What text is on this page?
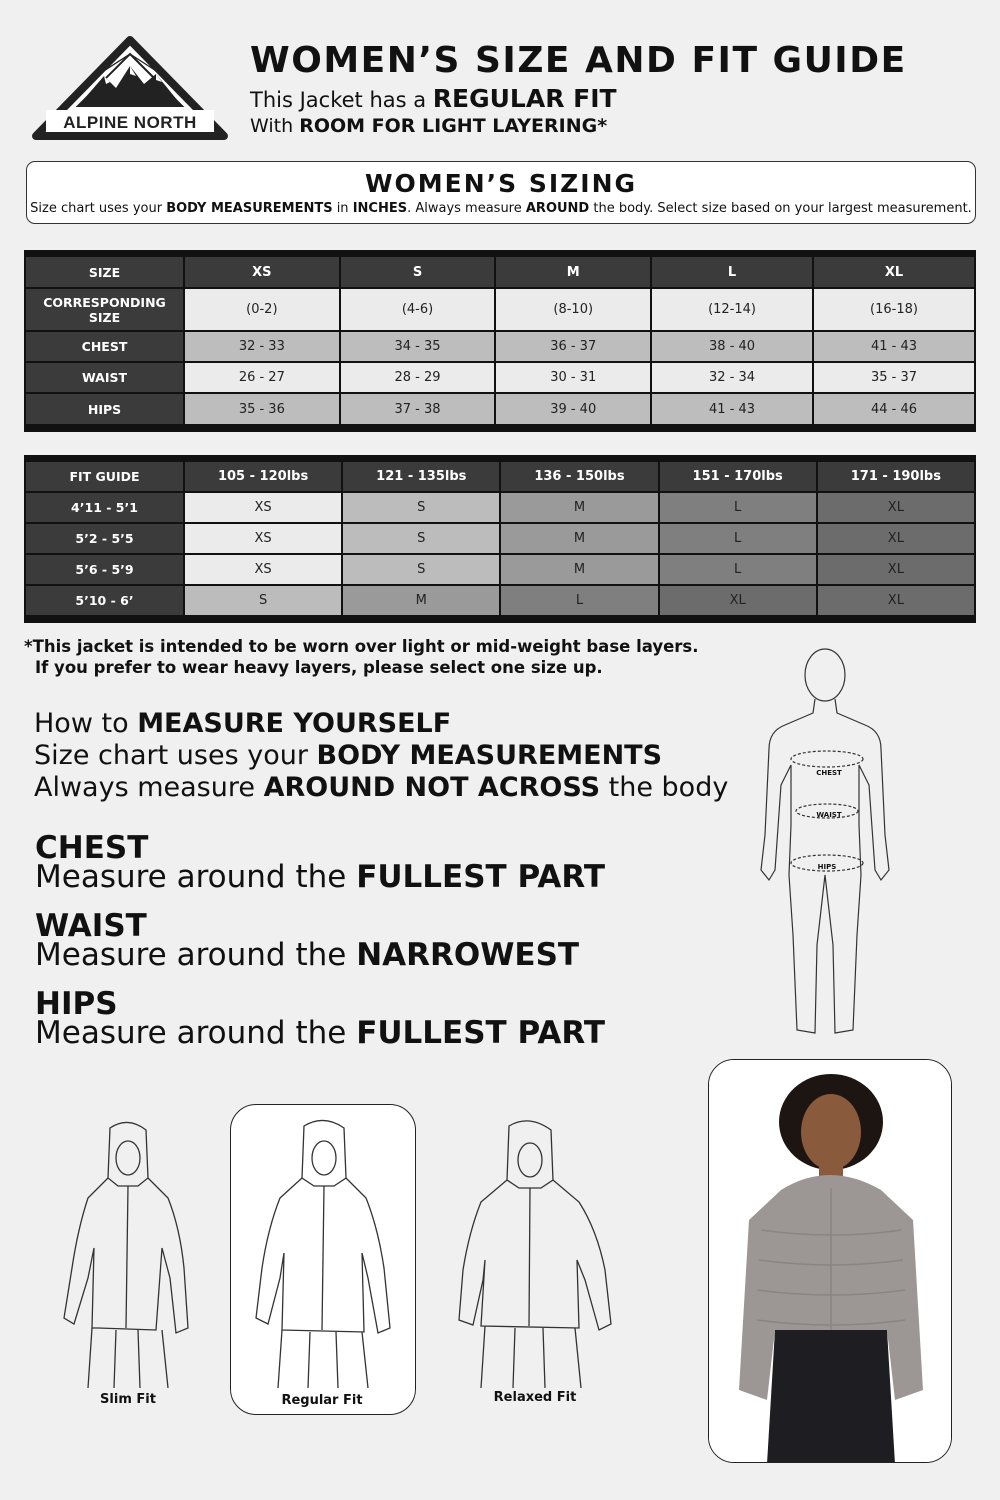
ALPINE NORTH
WOMEN’S SIZE AND FIT GUIDE
This Jacket has a REGULAR FIT
With ROOM FOR LIGHT LAYERING*
WOMEN’S SIZING
Size chart uses your BODY MEASUREMENTS in INCHES. Always measure AROUND the body. Select size based on your largest measurement.
SIZE	XS	S	M	L	XL
CORRESPONDING SIZE	(0-2)	(4-6)	(8-10)	(12-14)	(16-18)
CHEST	32 - 33	34 - 35	36 - 37	38 - 40	41 - 43
WAIST	26 - 27	28 - 29	30 - 31	32 - 34	35 - 37
HIPS	35 - 36	37 - 38	39 - 40	41 - 43	44 - 46
FIT GUIDE	105 - 120lbs	121 - 135lbs	136 - 150lbs	151 - 170lbs	171 - 190lbs
4’11 - 5’1	XS	S	M	L	XL
5’2 - 5’5	XS	S	M	L	XL
5’6 - 5’9	XS	S	M	L	XL
5’10 - 6’	S	M	L	XL	XL
*This jacket is intended to be worn over light or mid-weight base layers.
If you prefer to wear heavy layers, please select one size up.
How to MEASURE YOURSELF
Size chart uses your BODY MEASUREMENTS
Always measure AROUND NOT ACROSS the body
CHEST
Measure around the FULLEST PART
WAIST
Measure around the NARROWEST
HIPS
Measure around the FULLEST PART
CHEST
WAIST
HIPS
Slim Fit	Regular Fit	Relaxed Fit
